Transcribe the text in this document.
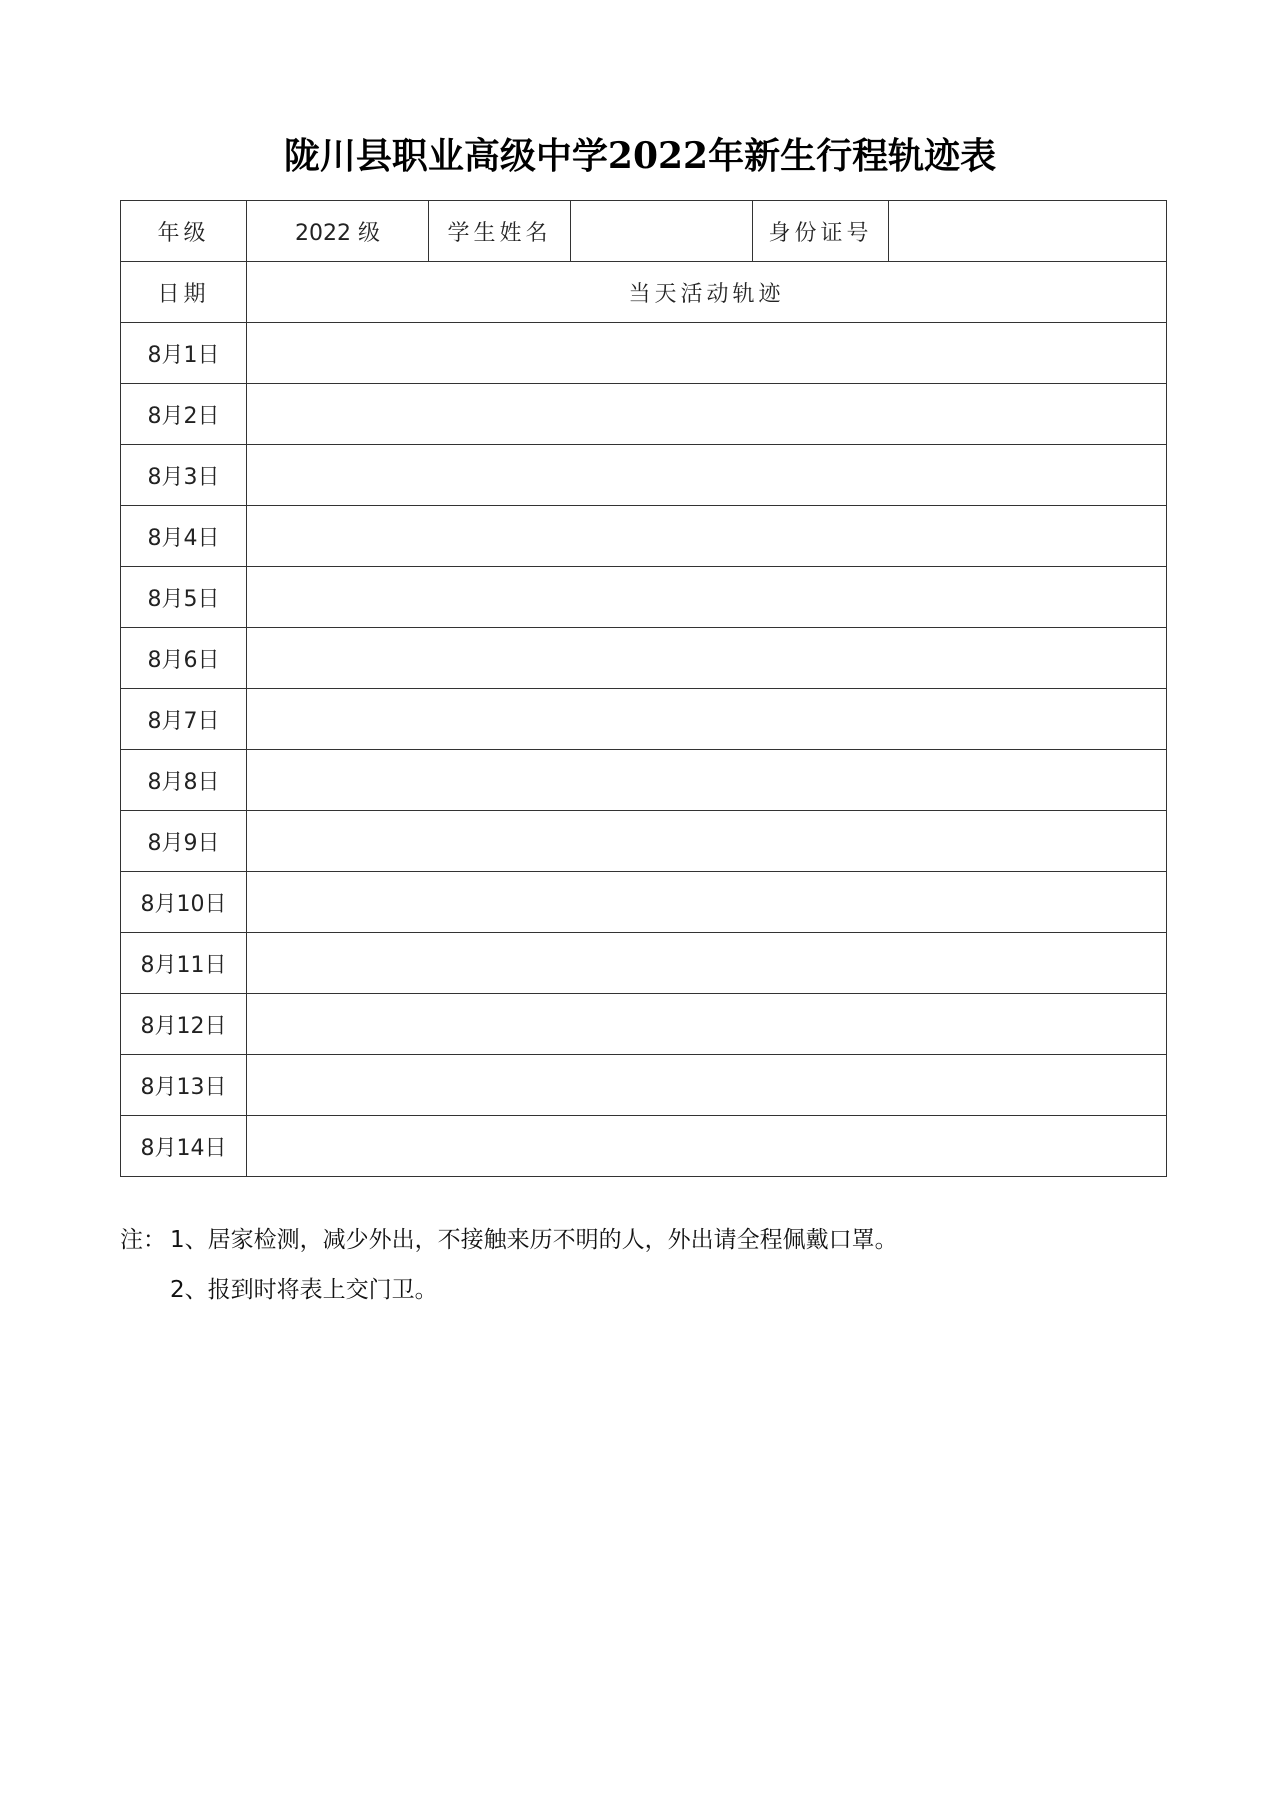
陇川县职业高级中学2022年新生行程轨迹表
年级	2022 级	学生姓名		身份证号	
日期	当天活动轨迹				
8月1日					
8月2日					
8月3日					
8月4日					
8月5日					
8月6日					
8月7日					
8月8日					
8月9日					
8月10日					
8月11日					
8月12日					
8月13日					
8月14日					
注： 1、居家检测，减少外出，不接触来历不明的人，外出请全程佩戴口罩。
2、报到时将表上交门卫。
